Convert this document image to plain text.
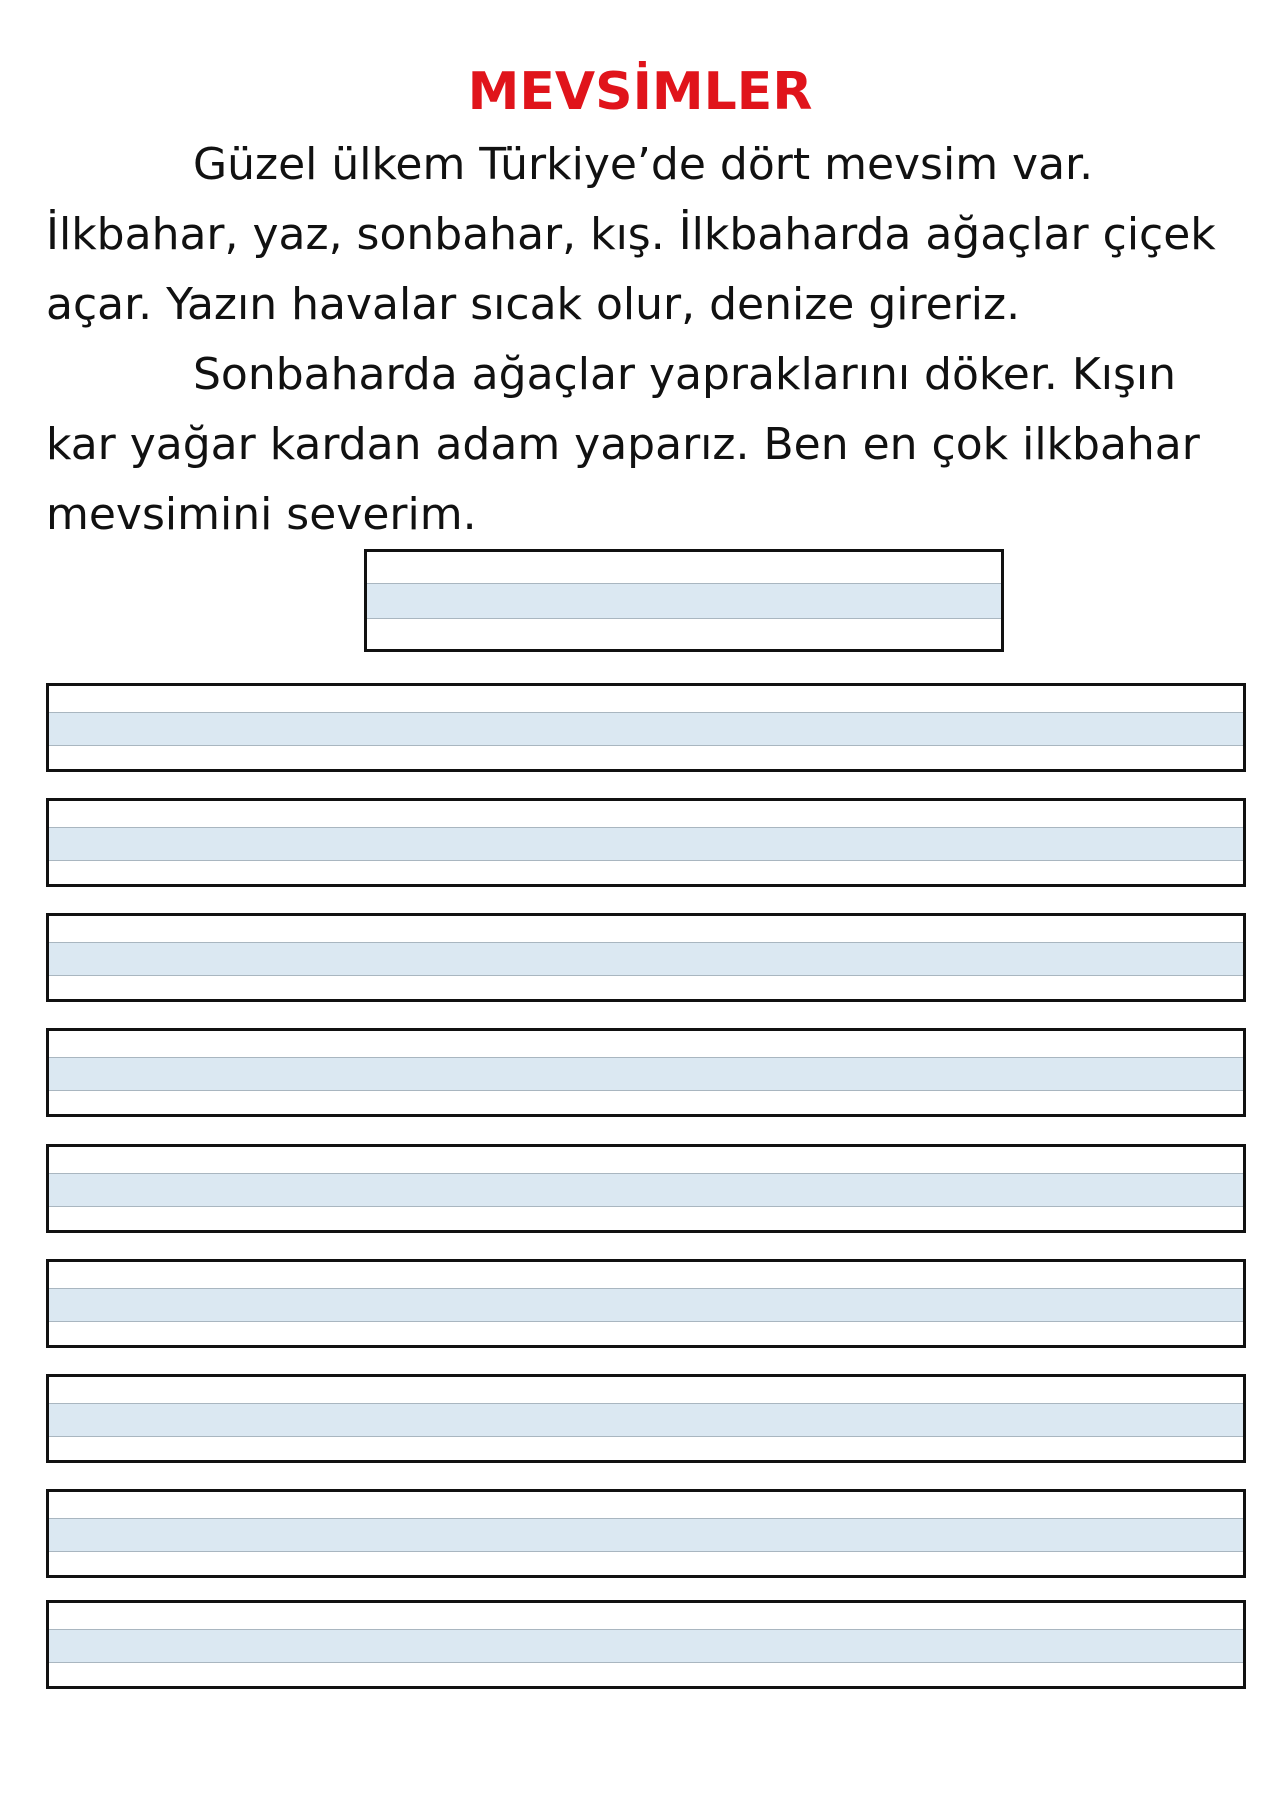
MEVSİMLER
Güzel ülkem Türkiye’de dört mevsim var.
İlkbahar, yaz, sonbahar, kış. İlkbaharda ağaçlar çiçek
açar. Yazın havalar sıcak olur, denize gireriz.
Sonbaharda ağaçlar yapraklarını döker. Kışın
kar yağar kardan adam yaparız. Ben en çok ilkbahar
mevsimini severim.
